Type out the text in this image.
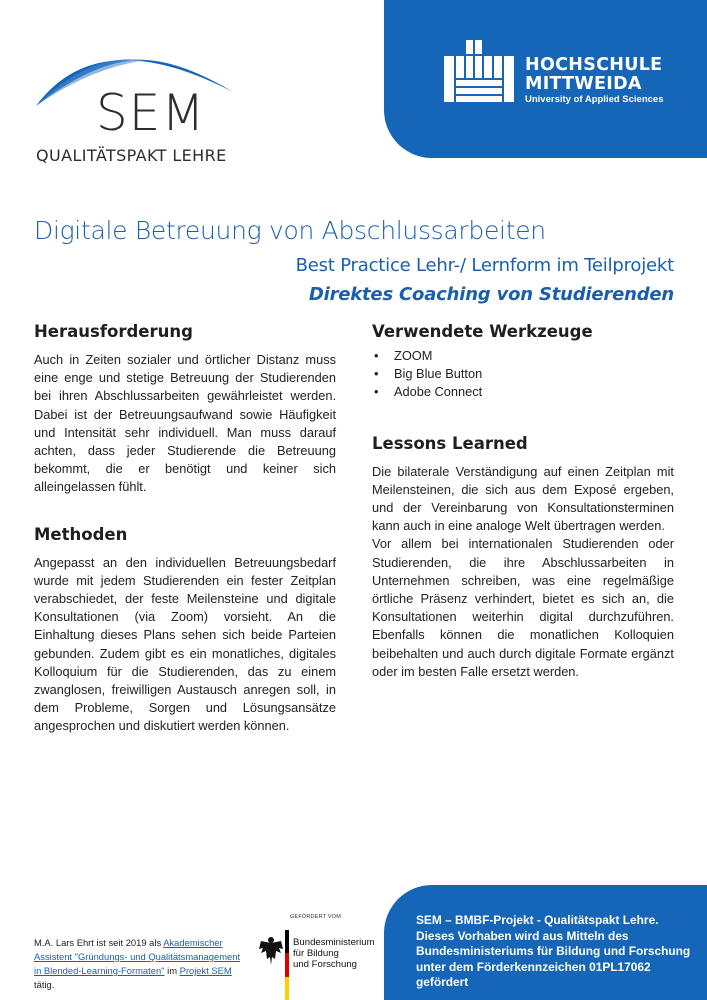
SEM
QUALITÄTSPAKT LEHRE
HOCHSCHULE
MITTWEIDA
University of Applied Sciences
Digitale Betreuung von Abschlussarbeiten
Best Practice Lehr-/ Lernform im Teilprojekt
Direktes Coaching von Studierenden
Herausforderung
Auch in Zeiten sozialer und örtlicher Distanz muss eine enge und stetige Betreuung der Studierenden bei ihren Abschlussarbeiten gewährleistet werden. Dabei ist der Betreuungsaufwand sowie Häufigkeit und Intensität sehr individuell. Man muss darauf achten, dass jeder Studierende die Betreuung bekommt, die er benötigt und keiner sich alleingelassen fühlt.
Methoden
Angepasst an den individuellen Betreuungsbedarf wurde mit jedem Studierenden ein fester Zeitplan verabschiedet, der feste Meilensteine und digitale Konsultationen (via Zoom) vorsieht. An die Einhaltung dieses Plans sehen sich beide Parteien gebunden. Zudem gibt es ein monatliches, digitales Kolloquium für die Studierenden, das zu einem zwanglosen, freiwilligen Austausch anregen soll, in dem Probleme, Sorgen und Lösungsansätze angesprochen und diskutiert werden können.
Verwendete Werkzeuge
• ZOOM
• Big Blue Button
• Adobe Connect
Lessons Learned
Die bilaterale Verständigung auf einen Zeitplan mit Meilensteinen, die sich aus dem Exposé ergeben, und der Vereinbarung von Konsultationsterminen kann auch in eine analoge Welt übertragen werden.
Vor allem bei internationalen Studierenden oder Studierenden, die ihre Abschlussarbeiten in Unternehmen schreiben, was eine regelmäßige örtliche Präsenz verhindert, bietet es sich an, die Konsultationen weiterhin digital durchzuführen. Ebenfalls können die monatlichen Kolloquien beibehalten und auch durch digitale Formate ergänzt oder im besten Falle ersetzt werden.
M.A. Lars Ehrt ist seit 2019 als Akademischer Assistent "Gründungs- und Qualitätsmanagement in Blended-Learning-Formaten" im Projekt SEM tätig.
GEFÖRDERT VOM
Bundesministerium
für Bildung
und Forschung
SEM – BMBF-Projekt - Qualitätspakt Lehre. Dieses Vorhaben wird aus Mitteln des Bundesministeriums für Bildung und Forschung unter dem Förderkennzeichen 01PL17062 gefördert
